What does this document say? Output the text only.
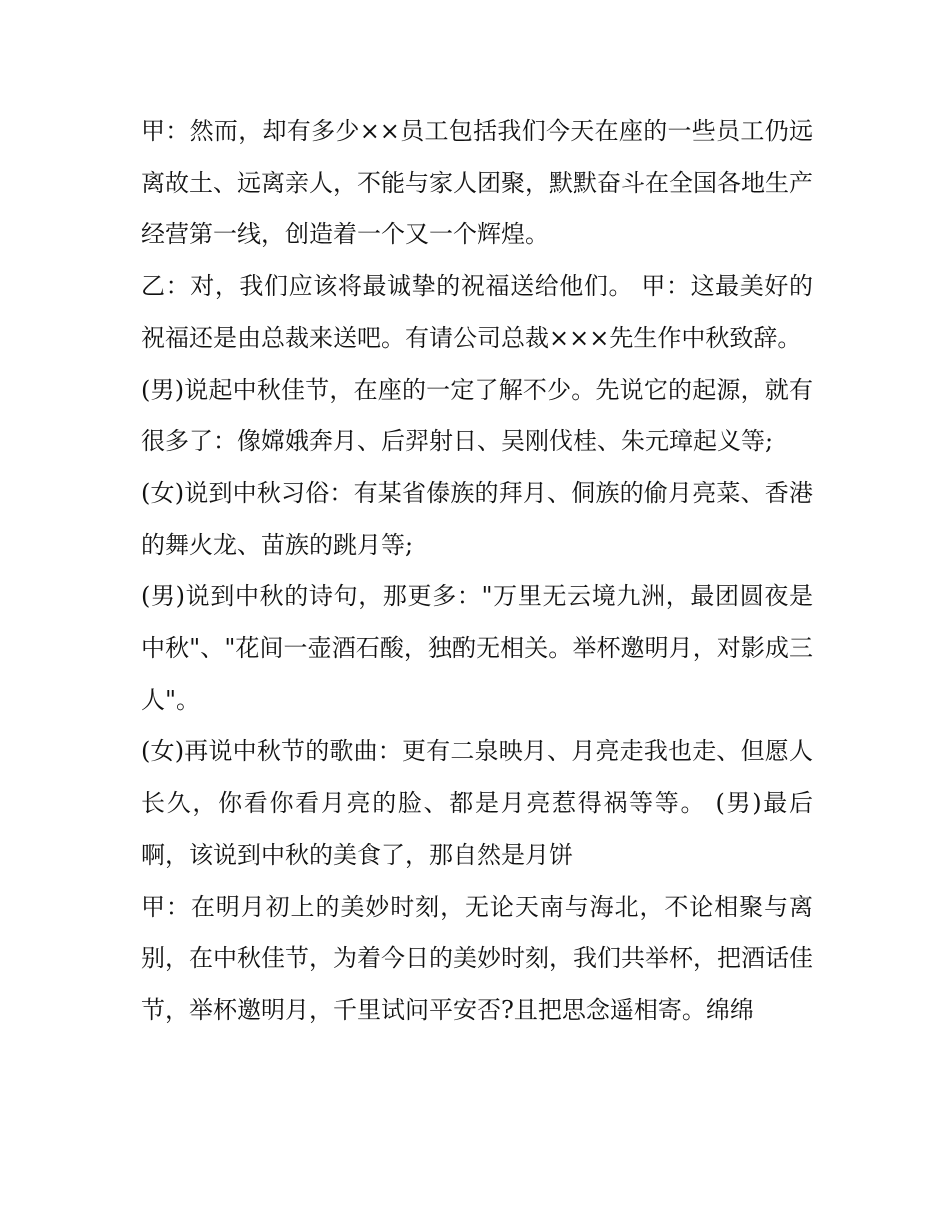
甲：然而，却有多少××员工包括我们今天在座的一些员工仍远离故土、远离亲人，不能与家人团聚，默默奋斗在全国各地生产经营第一线，创造着一个又一个辉煌。

乙：对，我们应该将最诚挚的祝福送给他们。 甲：这最美好的祝福还是由总裁来送吧。有请公司总裁×××先生作中秋致辞。

(男)说起中秋佳节，在座的一定了解不少。先说它的起源，就有很多了：像嫦娥奔月、后羿射日、吴刚伐桂、朱元璋起义等;

(女)说到中秋习俗：有某省傣族的拜月、侗族的偷月亮菜、香港的舞火龙、苗族的跳月等;

(男)说到中秋的诗句，那更多："万里无云境九洲，最团圆夜是中秋"、"花间一壶酒石酸，独酌无相关。举杯邀明月，对影成三人"。

(女)再说中秋节的歌曲：更有二泉映月、月亮走我也走、但愿人长久，你看你看月亮的脸、都是月亮惹得祸等等。 (男)最后啊，该说到中秋的美食了，那自然是月饼

甲：在明月初上的美妙时刻，无论天南与海北，不论相聚与离别，在中秋佳节，为着今日的美妙时刻，我们共举杯，把酒话佳节，举杯邀明月，千里试问平安否?且把思念遥相寄。绵绵
